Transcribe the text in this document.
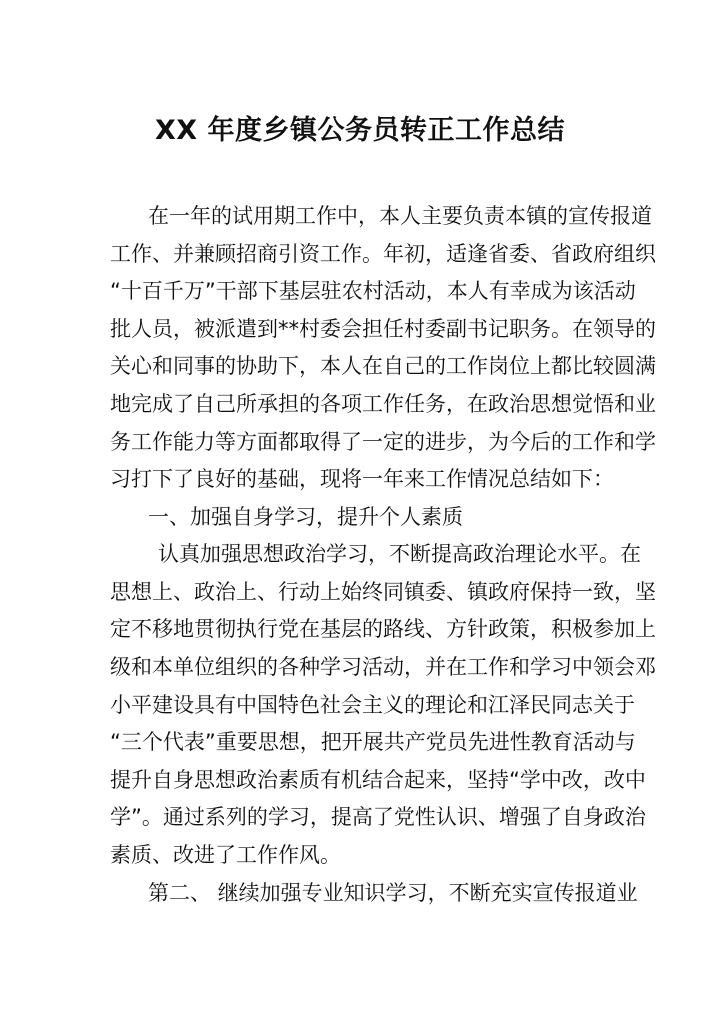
XX 年度乡镇公务员转正工作总结
在一年的试用期工作中，本人主要负责本镇的宣传报道
工作、并兼顾招商引资工作。年初，适逢省委、省政府组织
“十百千万”干部下基层驻农村活动，本人有幸成为该活动
批人员，被派遣到**村委会担任村委副书记职务。在领导的
关心和同事的协助下，本人在自己的工作岗位上都比较圆满
地完成了自己所承担的各项工作任务，在政治思想觉悟和业
务工作能力等方面都取得了一定的进步，为今后的工作和学
习打下了良好的基础，现将一年来工作情况总结如下：
一、加强自身学习，提升个人素质
认真加强思想政治学习，不断提高政治理论水平。在
思想上、政治上、行动上始终同镇委、镇政府保持一致，坚
定不移地贯彻执行党在基层的路线、方针政策，积极参加上
级和本单位组织的各种学习活动，并在工作和学习中领会邓
小平建设具有中国特色社会主义的理论和江泽民同志关于
“三个代表”重要思想，把开展共产党员先进性教育活动与
提升自身思想政治素质有机结合起来，坚持“学中改，改中
学”。通过系列的学习，提高了党性认识、增强了自身政治
素质、改进了工作作风。
第二、 继续加强专业知识学习，不断充实宣传报道业
